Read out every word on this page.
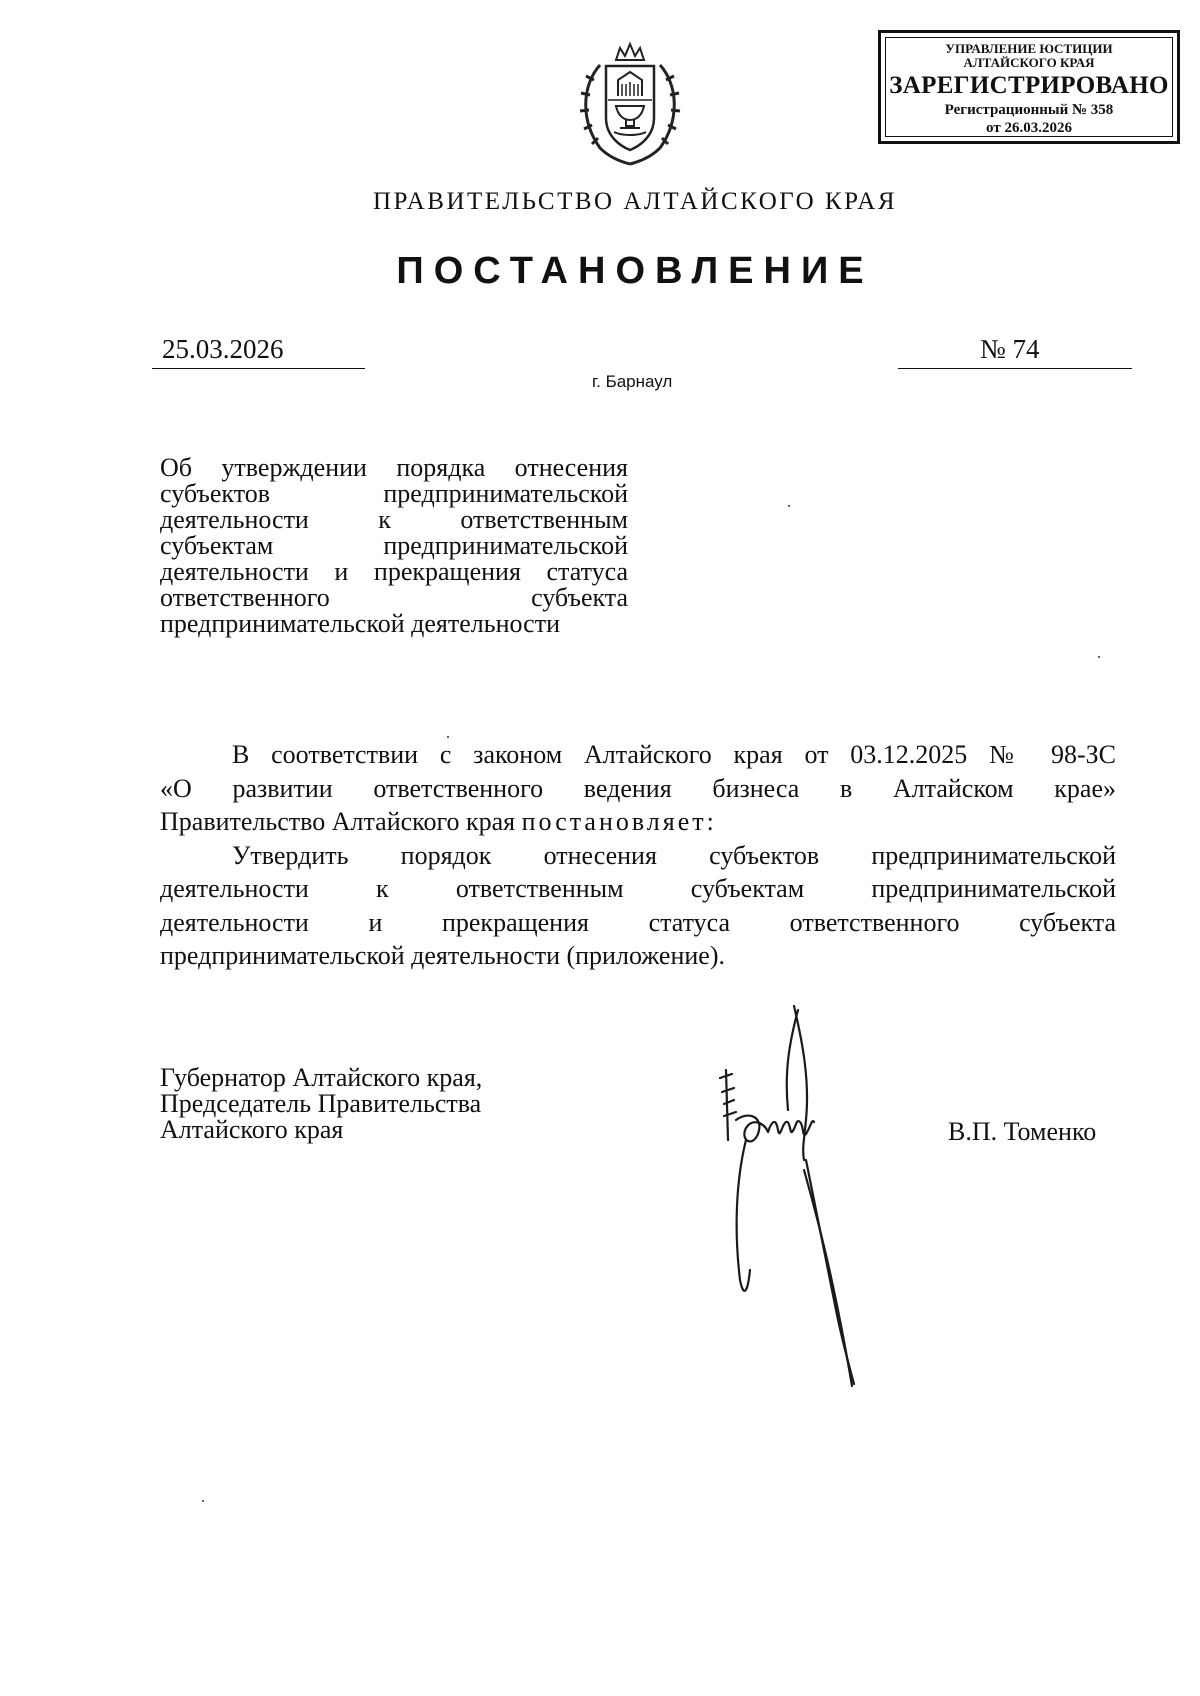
УПРАВЛЕНИЕ ЮСТИЦИИ
АЛТАЙСКОГО КРАЯ
ЗАРЕГИСТРИРОВАНО
Регистрационный № 358
от 26.03.2026
ПРАВИТЕЛЬСТВО АЛТАЙСКОГО КРАЯ
ПОСТАНОВЛЕНИЕ
25.03.2026	№ 74
г. Барнаул
Об утверждении порядка отнесения
субъектов предпринимательской
деятельности к ответственным
субъектам предпринимательской
деятельности и прекращения статуса
ответственного субъекта
предпринимательской деятельности
В соответствии с законом Алтайского края от 03.12.2025 № 98-ЗС
«О развитии ответственного ведения бизнеса в Алтайском крае»
Правительство Алтайского края постановляет:
Утвердить порядок отнесения субъектов предпринимательской
деятельности к ответственным субъектам предпринимательской
деятельности и прекращения статуса ответственного субъекта
предпринимательской деятельности (приложение).
Губернатор Алтайского края,
Председатель Правительства
Алтайского края	В.П. Томенко
